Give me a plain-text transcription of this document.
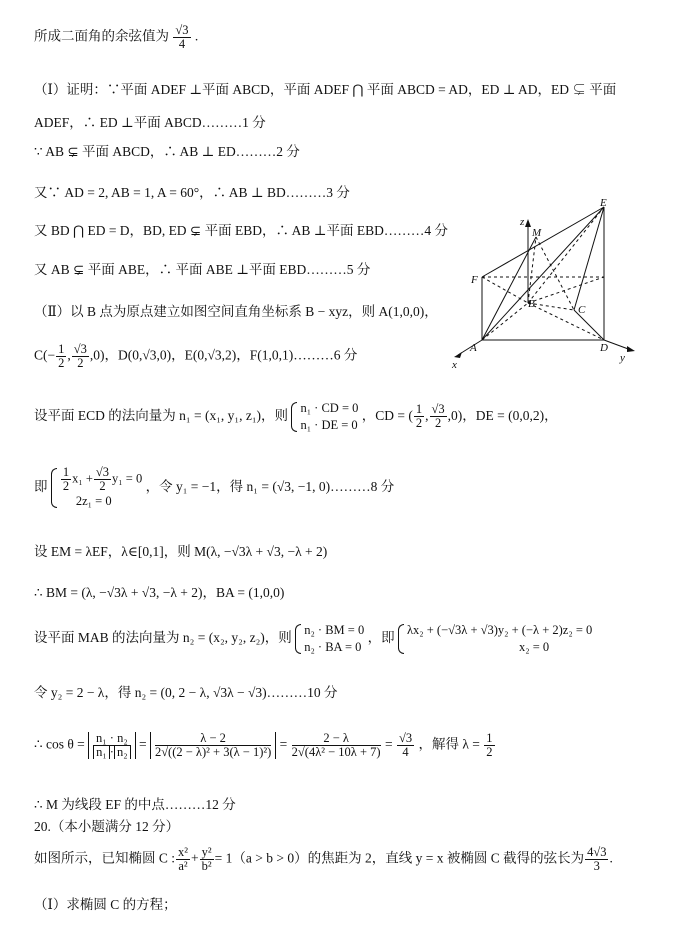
所成二面角的余弦值为 $\frac{√3}{4}$ .
（Ⅰ）证明：∵平面 ADEF ⊥平面 ABCD，平面 ADEF ⋂ 平面 ABCD = AD，ED ⊥ AD，ED ⊊ 平面
ADEF，∴ ED ⊥平面 ABCD………1 分
∵ AB ⊊ 平面 ABCD，∴ AB ⊥ ED………2 分
又∵ AD = 2, AB = 1, A = 60°，∴ AB ⊥ BD………3 分
又 BD ⋂ ED = D，BD, ED ⊊ 平面 EBD，∴ AB ⊥平面 EBD………4 分
又 AB ⊊ 平面 ABE，∴ 平面 ABE ⊥平面 EBD………5 分
（Ⅱ）以 B 点为原点建立如图空间直角坐标系 B − xyz，则 A(1,0,0)，
$C(- \frac{1}{2}$ , $\frac{√3}{2} ,0$)，D(0,√3,0)，E(0,√3,2)，F(1,0,1)………6 分
设平面 ECD 的法向量为 n₁ = (x₁, y₁, z₁)，则 n₁ · CD = 0
n₁ · DE = 0
，CD = ( $\frac{1}{2}$ , $\frac{√3}{2} ,0$)，DE = (0,0,2)，
即 $\frac{1}{2} x_1 + \frac{√3}{2} y_1 = 0$
2z₁ = 0
，令 y₁ = −1，得 n₁ = (√3, −1, 0)………8 分
设 EM = λEF，λ∈[0,1]，则 M(λ, −√3λ + √3, −λ + 2)
∴ BM = (λ, −√3λ + √3, −λ + 2)，BA = (1,0,0)
设平面 MAB 的法向量为 n₂ = (x₂, y₂, z₂)，则 n₂ · BM = 0
n₂ · BA = 0
，即 λx₂ + (−√3λ + √3)y₂ + (−λ + 2)z₂ = 0
x₂ = 0
令 y₂ = 2 − λ，得 n₂ = (0, 2 − λ, √3λ − √3)………10 分
∴ $\cos \theta = \frac{\text{n₁ · n₂}}{\text{n₁ · n₂}} = \frac{\lambda - 2}{\text{2√((2 − λ)² + 3(λ − 1)²)}} = \frac{2 - \lambda}{\text{2√(4λ² − 10λ + 7)}} = \frac{√3}{4}$ ，解得 $\lambda = \frac{1}{2}$
∴ M 为线段 EF 的中点………12 分
20.（本小题满分 12 分）
如图所示，已知椭圆 C : $\frac{\text{x²}}{\text{a²}} + \frac{\text{y²}}{\text{b²}} = 1(a > b > 0)$的焦距为 2，直线 y = x 被椭圆 C 截得的弦长为 $\frac{4√3}{3}$ .
（Ⅰ）求椭圆 C 的方程；
z
E
M
F
B	C
A	D
x
y
